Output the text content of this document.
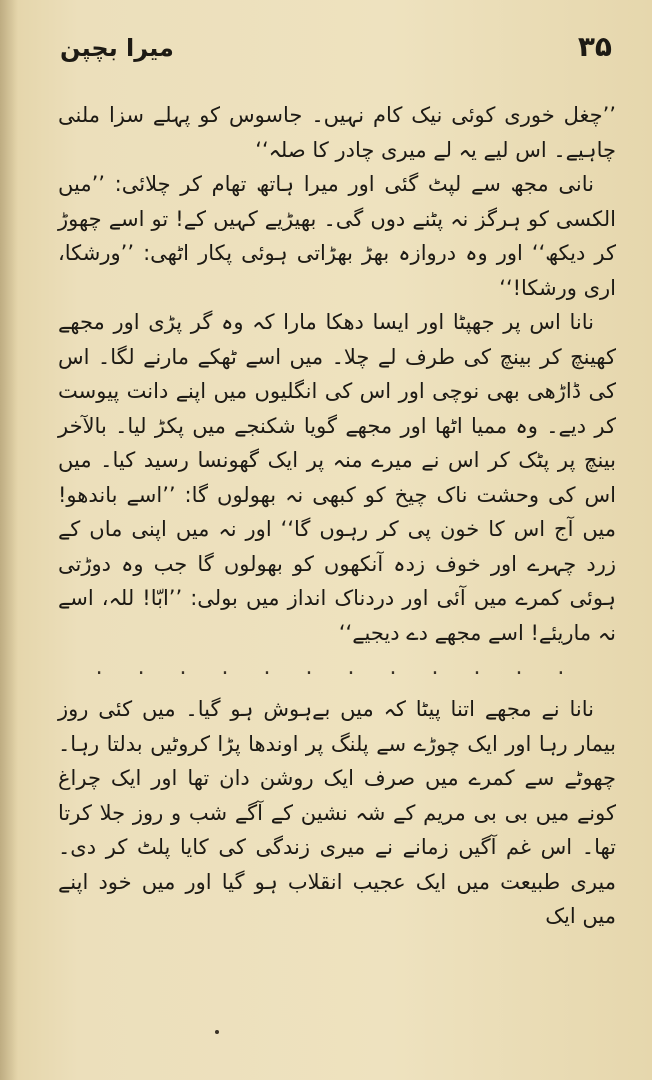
۳۵
میرا بچپن

’’چغل خوری کوئی نیک کام نہیں۔ جاسوس کو پہلے سزا ملنی چاہیے۔ اس لیے یہ لے میری چادر کا صلہ‘‘

نانی مجھ سے لپٹ گئی اور میرا ہاتھ تھام کر چلائی: ’’میں الکسی کو ہرگز نہ پٹنے دوں گی۔ بھیڑیے کہیں کے! تو اسے چھوڑ کر دیکھ‘‘ اور وہ دروازہ بھڑ بھڑاتی ہوئی پکار اٹھی: ’’ورشکا، اری ورشکا!‘‘

نانا اس پر جھپٹا اور ایسا دھکا مارا کہ وہ گر پڑی اور مجھے کھینچ کر بینچ کی طرف لے چلا۔ میں اسے ٹھکے مارنے لگا۔ اس کی ڈاڑھی بھی نوچی اور اس کی انگلیوں میں اپنے دانت پیوست کر دیے۔ وہ ممیا اٹھا اور مجھے گویا شکنجے میں پکڑ لیا۔ بالآخر بینچ پر پٹک کر اس نے میرے منہ پر ایک گھونسا رسید کیا۔ میں اس کی وحشت ناک چیخ کو کبھی نہ بھولوں گا: ’’اسے باندھو! میں آج اس کا خون پی کر رہوں گا‘‘ اور نہ میں اپنی ماں کے زرد چہرے اور خوف زدہ آنکھوں کو بھولوں گا جب وہ دوڑتی ہوئی کمرے میں آئی اور دردناک انداز میں بولی: ’’ابّا! للہ، اسے نہ ماریئے! اسے مجھے دے دیجیے‘‘

. . . . . . . . . . . .

نانا نے مجھے اتنا پیٹا کہ میں بےہوش ہو گیا۔ میں کئی روز بیمار رہا اور ایک چوڑے سے پلنگ پر اوندھا پڑا کروٹیں بدلتا رہا۔ چھوٹے سے کمرے میں صرف ایک روشن دان تھا اور ایک چراغ کونے میں بی بی مریم کے شہ نشین کے آگے شب و روز جلا کرتا تھا۔ اس غم آگیں زمانے نے میری زندگی کی کایا پلٹ کر دی۔ میری طبیعت میں ایک عجیب انقلاب ہو گیا اور میں خود اپنے میں ایک
